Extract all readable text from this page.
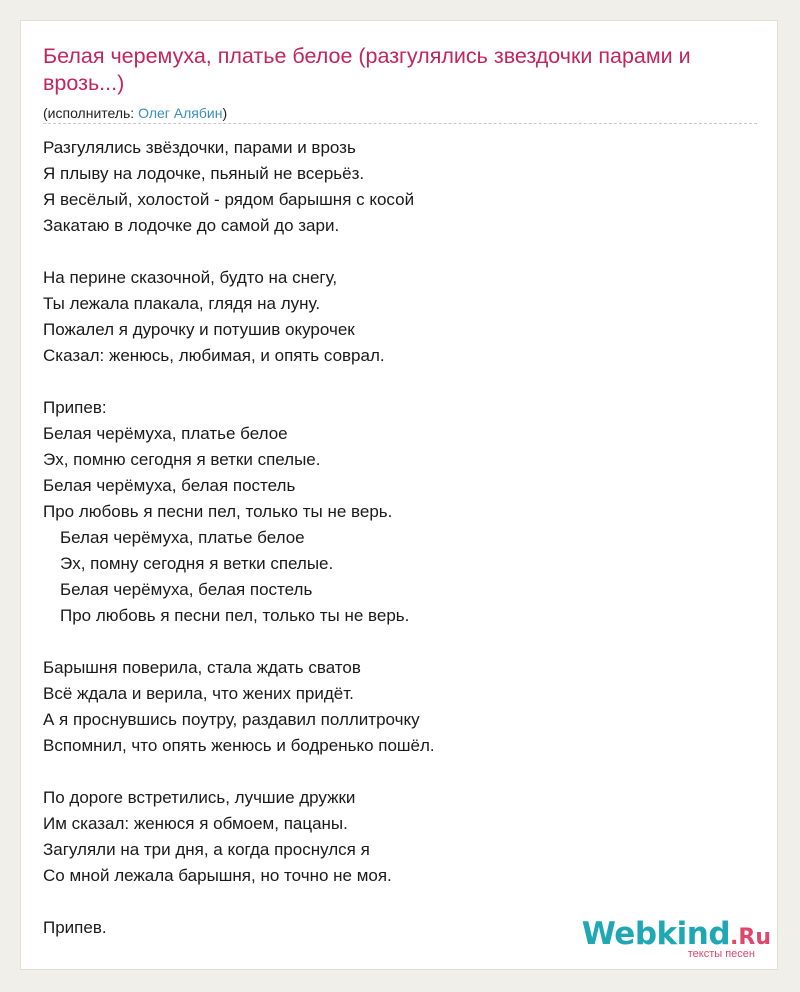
Белая черемуха, платье белое (разгулялись звездочки парами и врозь...)
(исполнитель: Олег Алябин)
Разгулялись звёздочки, парами и врозь
Я плыву на лодочке, пьяный не всерьёз.
Я весёлый, холостой - рядом барышня с косой
Закатаю в лодочке до самой до зари.
На перине сказочной, будто на снегу,
Ты лежала плакала, глядя на луну.
Пожалел я дурочку и потушив окурочек
Сказал: женюсь, любимая, и опять соврал.
Припев:
Белая черёмуха, платье белое
Эх, помню сегодня я ветки спелые.
Белая черёмуха, белая постель
Про любовь я песни пел, только ты не верь.
Белая черёмуха, платье белое
Эх, помну сегодня я ветки спелые.
Белая черёмуха, белая постель
Про любовь я песни пел, только ты не верь.
Барышня поверила, стала ждать сватов
Всё ждала и верила, что жених придёт.
А я проснувшись поутру, раздавил поллитрочку
Вспомнил, что опять женюсь и бодренько пошёл.
По дороге встретились, лучшие дружки
Им сказал: женюся я обмоем, пацаны.
Загуляли на три дня, а когда проснулся я
Со мной лежала барышня, но точно не моя.
Припев.	Webkind.Ru
тексты песен
